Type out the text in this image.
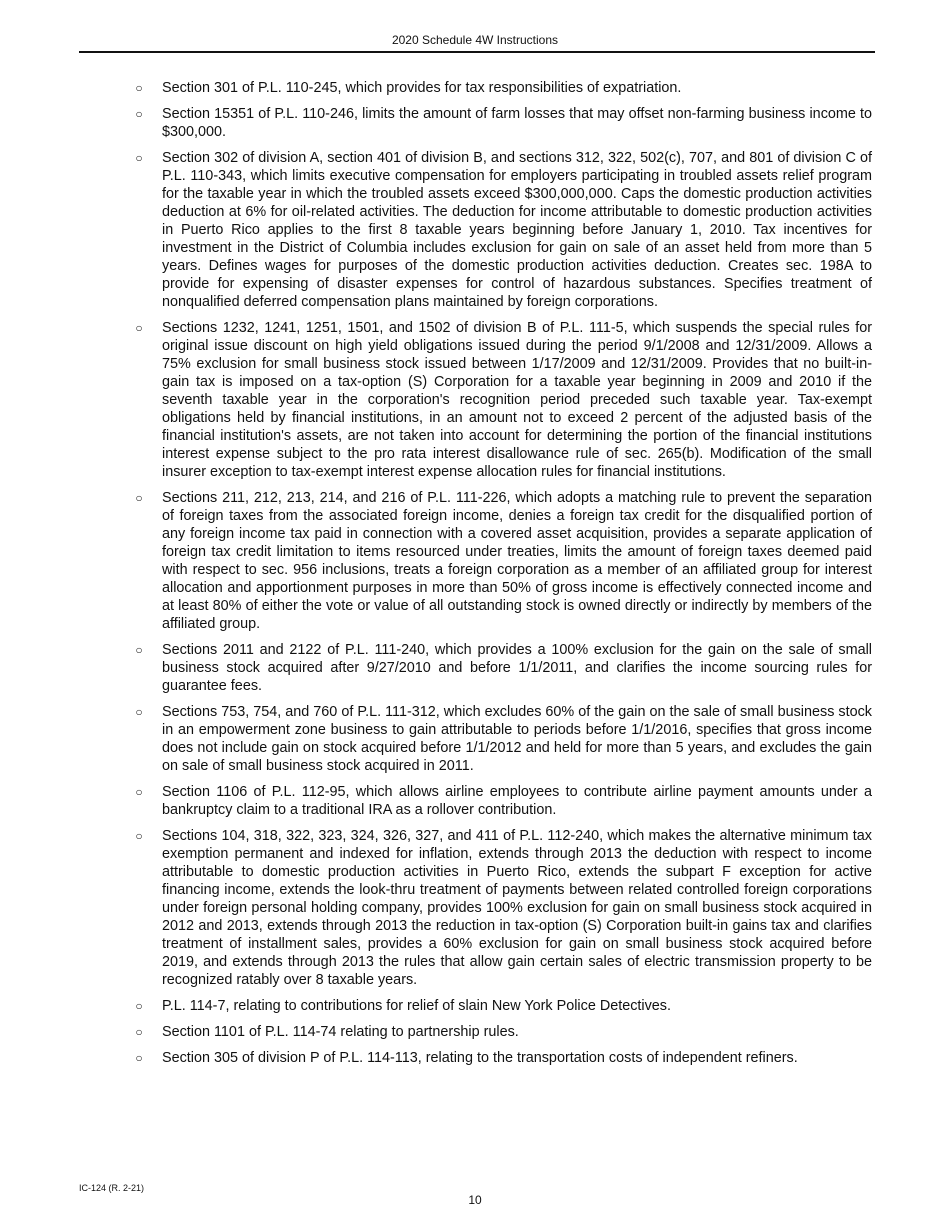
2020 Schedule 4W Instructions
○ Section 301 of P.L. 110-245, which provides for tax responsibilities of expatriation.
○ Section 15351 of P.L. 110-246, limits the amount of farm losses that may offset non-farming business income to $300,000.
○ Section 302 of division A, section 401 of division B, and sections 312, 322, 502(c), 707, and 801 of division C of P.L. 110-343, which limits executive compensation for employers participating in troubled assets relief program for the taxable year in which the troubled assets exceed $300,000,000. Caps the domestic production activities deduction at 6% for oil-related activities. The deduction for income attributable to domestic production activities in Puerto Rico applies to the first 8 taxable years beginning before January 1, 2010. Tax incentives for investment in the District of Columbia includes exclusion for gain on sale of an asset held from more than 5 years. Defines wages for purposes of the domestic production activities deduction. Creates sec. 198A to provide for expensing of disaster expenses for control of hazardous substances. Specifies treatment of nonqualified deferred compensation plans maintained by foreign corporations.
○ Sections 1232, 1241, 1251, 1501, and 1502 of division B of P.L. 111-5, which suspends the special rules for original issue discount on high yield obligations issued during the period 9/1/2008 and 12/31/2009. Allows a 75% exclusion for small business stock issued between 1/17/2009 and 12/31/2009. Provides that no built-in-gain tax is imposed on a tax-option (S) Corporation for a taxable year beginning in 2009 and 2010 if the seventh taxable year in the corporation's recognition period preceded such taxable year. Tax-exempt obligations held by financial institutions, in an amount not to exceed 2 percent of the adjusted basis of the financial institution's assets, are not taken into account for determining the portion of the financial institutions interest expense subject to the pro rata interest disallowance rule of sec. 265(b). Modification of the small insurer exception to tax-exempt interest expense allocation rules for financial institutions.
○ Sections 211, 212, 213, 214, and 216 of P.L. 111-226, which adopts a matching rule to prevent the separation of foreign taxes from the associated foreign income, denies a foreign tax credit for the disqualified portion of any foreign income tax paid in connection with a covered asset acquisition, provides a separate application of foreign tax credit limitation to items resourced under treaties, limits the amount of foreign taxes deemed paid with respect to sec. 956 inclusions, treats a foreign corporation as a member of an affiliated group for interest allocation and apportionment purposes in more than 50% of gross income is effectively connected income and at least 80% of either the vote or value of all outstanding stock is owned directly or indirectly by members of the affiliated group.
○ Sections 2011 and 2122 of P.L. 111-240, which provides a 100% exclusion for the gain on the sale of small business stock acquired after 9/27/2010 and before 1/1/2011, and clarifies the income sourcing rules for guarantee fees.
○ Sections 753, 754, and 760 of P.L. 111-312, which excludes 60% of the gain on the sale of small business stock in an empowerment zone business to gain attributable to periods before 1/1/2016, specifies that gross income does not include gain on stock acquired before 1/1/2012 and held for more than 5 years, and excludes the gain on sale of small business stock acquired in 2011.
○ Section 1106 of P.L. 112-95, which allows airline employees to contribute airline payment amounts under a bankruptcy claim to a traditional IRA as a rollover contribution.
○ Sections 104, 318, 322, 323, 324, 326, 327, and 411 of P.L. 112-240, which makes the alternative minimum tax exemption permanent and indexed for inflation, extends through 2013 the deduction with respect to income attributable to domestic production activities in Puerto Rico, extends the subpart F exception for active financing income, extends the look-thru treatment of payments between related controlled foreign corporations under foreign personal holding company, provides 100% exclusion for gain on small business stock acquired in 2012 and 2013, extends through 2013 the reduction in tax-option (S) Corporation built-in gains tax and clarifies treatment of installment sales, provides a 60% exclusion for gain on small business stock acquired before 2019, and extends through 2013 the rules that allow gain certain sales of electric transmission property to be recognized ratably over 8 taxable years.
○ P.L. 114-7, relating to contributions for relief of slain New York Police Detectives.
○ Section 1101 of P.L. 114-74 relating to partnership rules.
○ Section 305 of division P of P.L. 114-113, relating to the transportation costs of independent refiners.
IC-124 (R. 2-21)
10
